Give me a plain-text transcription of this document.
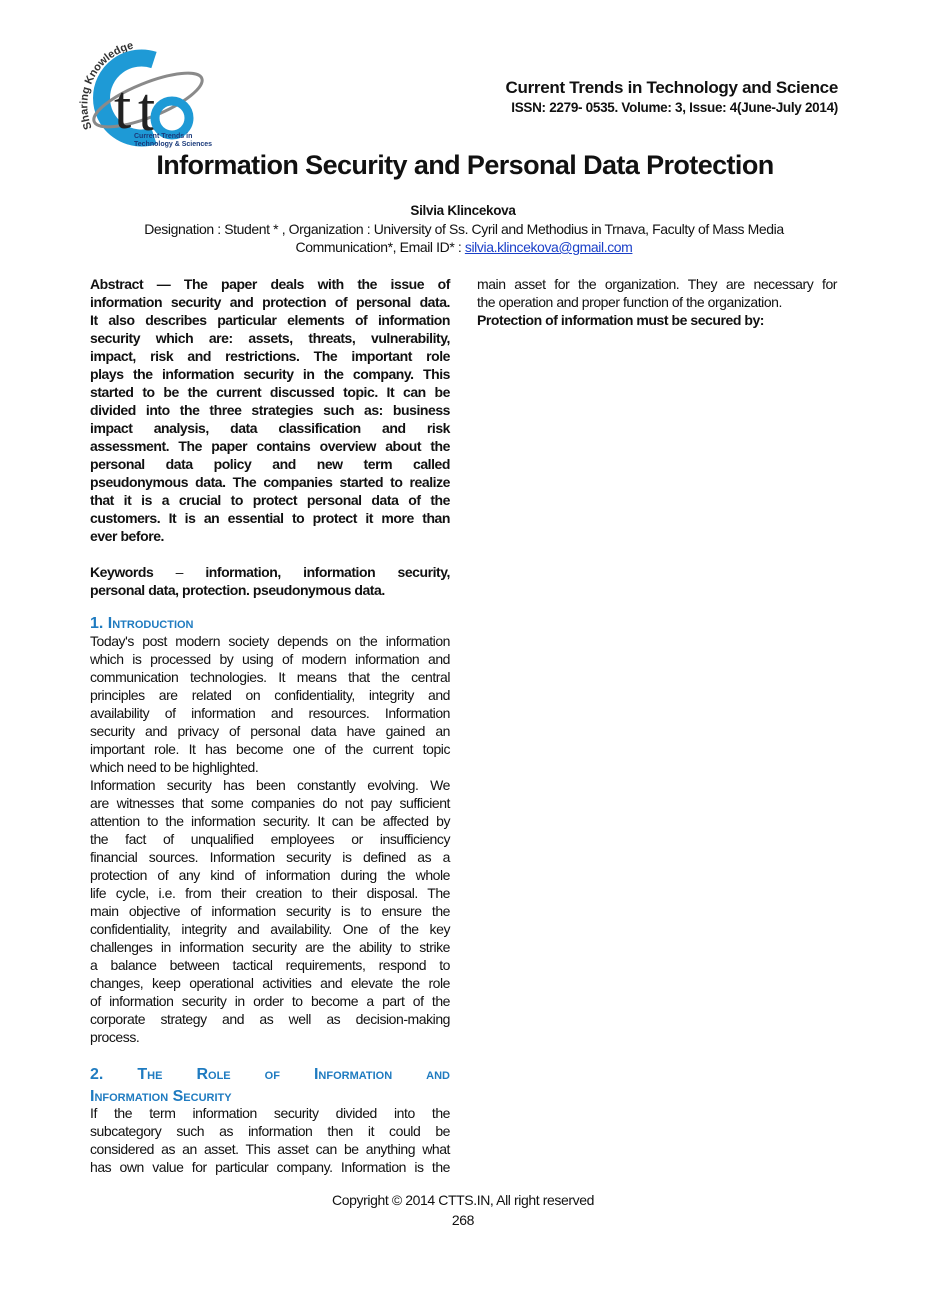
Sharing Knowledge
t t
Current Trends in
Technology & Sciences
Current Trends in Technology and Science
ISSN: 2279- 0535. Volume: 3, Issue: 4(June-July 2014)
Information Security and Personal Data Protection
Silvia Klincekova
Designation : Student * , Organization : University of Ss. Cyril and Methodius in Trnava, Faculty of Mass Media Communication*, Email ID* : silvia.klincekova@gmail.com
Abstract — The paper deals with the issue of
information security and protection of personal data.
It also describes particular elements of information
security which are: assets, threats, vulnerability,
impact, risk and restrictions. The important role
plays the information security in the company. This
started to be the current discussed topic. It can be
divided into the three strategies such as: business
impact analysis, data classification and risk
assessment. The paper contains overview about the
personal data policy and new term called
pseudonymous data. The companies started to realize
that it is a crucial to protect personal data of the
customers. It is an essential to protect it more than
ever before.
Keywords – information, information security,
personal data, protection. pseudonymous data.
1. Introduction
Today's post modern society depends on the information
which is processed by using of modern information and
communication technologies. It means that the central
principles are related on confidentiality, integrity and
availability of information and resources. Information
security and privacy of personal data have gained an
important role. It has become one of the current topic
which need to be highlighted.
Information security has been constantly evolving. We
are witnesses that some companies do not pay sufficient
attention to the information security. It can be affected by
the fact of unqualified employees or insufficiency
financial sources. Information security is defined as a
protection of any kind of information during the whole
life cycle, i.e. from their creation to their disposal. The
main objective of information security is to ensure the
confidentiality, integrity and availability. One of the key
challenges in information security are the ability to strike
a balance between tactical requirements, respond to
changes, keep operational activities and elevate the role
of information security in order to become a part of the
corporate strategy and as well as decision-making
process.
2. The Role of Information and
Information Security
If the term information security divided into the
subcategory such as information then it could be
considered as an asset. This asset can be anything what
has own value for particular company. Information is the
main asset for the organization. They are necessary for
the operation and proper function of the organization.
Protection of information must be secured by:
Copyright © 2014 CTTS.IN, All right reserved
268
